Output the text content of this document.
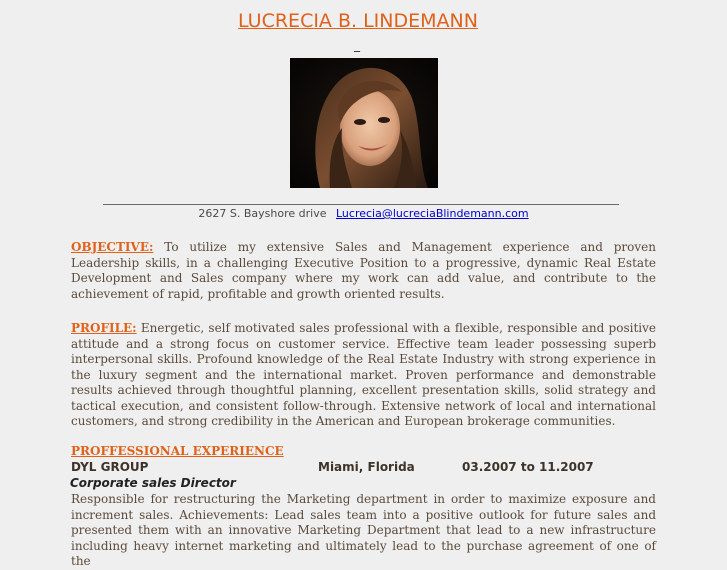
LUCRECIA B. LINDEMANN
_
2627 S. Bayshore drive Lucrecia@lucreciaBlindemann.com
OBJECTIVE: To utilize my extensive Sales and Management experience and proven Leadership skills, in a challenging Executive Position to a progressive, dynamic Real Estate Development and Sales company where my work can add value, and contribute to the achievement of rapid, profitable and growth oriented results.
PROFILE: Energetic, self motivated sales professional with a flexible, responsible and positive attitude and a strong focus on customer service. Effective team leader possessing superb interpersonal skills. Profound knowledge of the Real Estate Industry with strong experience in the luxury segment and the international market. Proven performance and demonstrable results achieved through thoughtful planning, excellent presentation skills, solid strategy and tactical execution, and consistent follow-through. Extensive network of local and international customers, and strong credibility in the American and European brokerage communities.
PROFFESSIONAL EXPERIENCE
DYL GROUP	Miami, Florida	03.2007 to 11.2007
Corporate sales Director
Responsible for restructuring the Marketing department in order to maximize exposure and increment sales. Achievements: Lead sales team into a positive outlook for future sales and presented them with an innovative Marketing Department that lead to a new infrastructure including heavy internet marketing and ultimately lead to the purchase agreement of one of the
